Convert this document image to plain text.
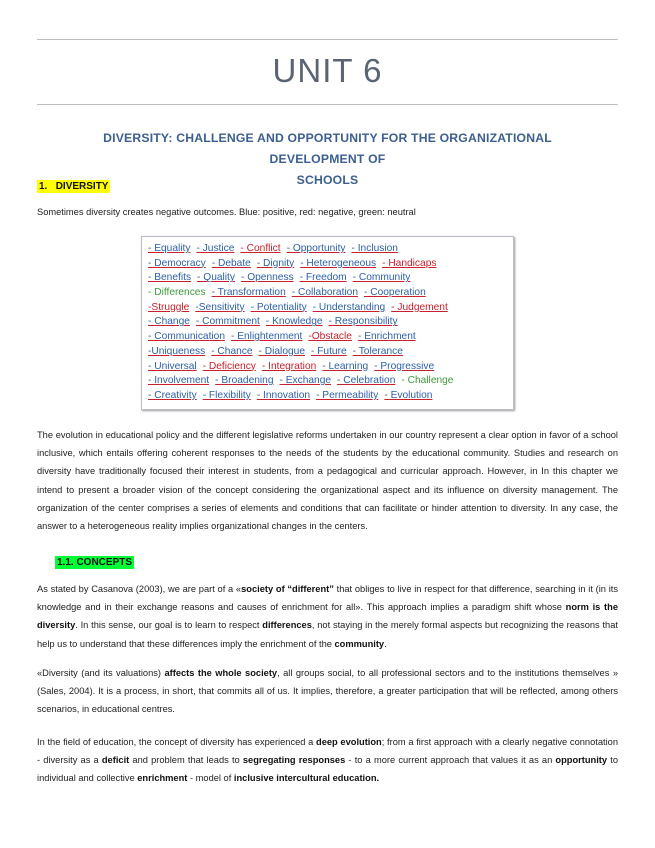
UNIT 6
DIVERSITY: CHALLENGE AND OPPORTUNITY FOR THE ORGANIZATIONAL DEVELOPMENT OF
SCHOOLS
1. DIVERSITY
Sometimes diversity creates negative outcomes. Blue: positive, red: negative, green: neutral
- Equality - Justice - Conflict - Opportunity - Inclusion
- Democracy - Debate - Dignity - Heterogeneous - Handicaps
- Benefits - Quality - Openness - Freedom - Community
- Differences - Transformation - Collaboration - Cooperation
-Struggle -Sensitivity - Potentiality - Understanding - Judgement
- Change - Commitment - Knowledge - Responsibility
- Communication - Enlightenment -Obstacle - Enrichment
-Uniqueness - Chance - Dialogue - Future - Tolerance
- Universal - Deficiency - Integration - Learning - Progressive
- Involvement - Broadening - Exchange - Celebration - Challenge
- Creativity - Flexibility - Innovation - Permeability - Evolution

The evolution in educational policy and the different legislative reforms undertaken in our country represent a clear option in favor of a school inclusive, which entails offering coherent responses to the needs of the students by the educational community. Studies and research on diversity have traditionally focused their interest in students, from a pedagogical and curricular approach. However, in In this chapter we intend to present a broader vision of the concept considering the organizational aspect and its influence on diversity management. The organization of the center comprises a series of elements and conditions that can facilitate or hinder attention to diversity. In any case, the answer to a heterogeneous reality implies organizational changes in the centers.

1.1. CONCEPTS

As stated by Casanova (2003), we are part of a «society of “different” that obliges to live in respect for that difference, searching in it (in its knowledge and in their exchange reasons and causes of enrichment for all». This approach implies a paradigm shift whose norm is the diversity. In this sense, our goal is to learn to respect differences, not staying in the merely formal aspects but recognizing the reasons that help us to understand that these differences imply the enrichment of the community.

«Diversity (and its valuations) affects the whole society, all groups social, to all professional sectors and to the institutions themselves » (Sales, 2004). It is a process, in short, that commits all of us. It implies, therefore, a greater participation that will be reflected, among others scenarios, in educational centres.

In the field of education, the concept of diversity has experienced a deep evolution; from a first approach with a clearly negative connotation - diversity as a deficit and problem that leads to segregating responses - to a more current approach that values it as an opportunity to individual and collective enrichment - model of inclusive intercultural education.
